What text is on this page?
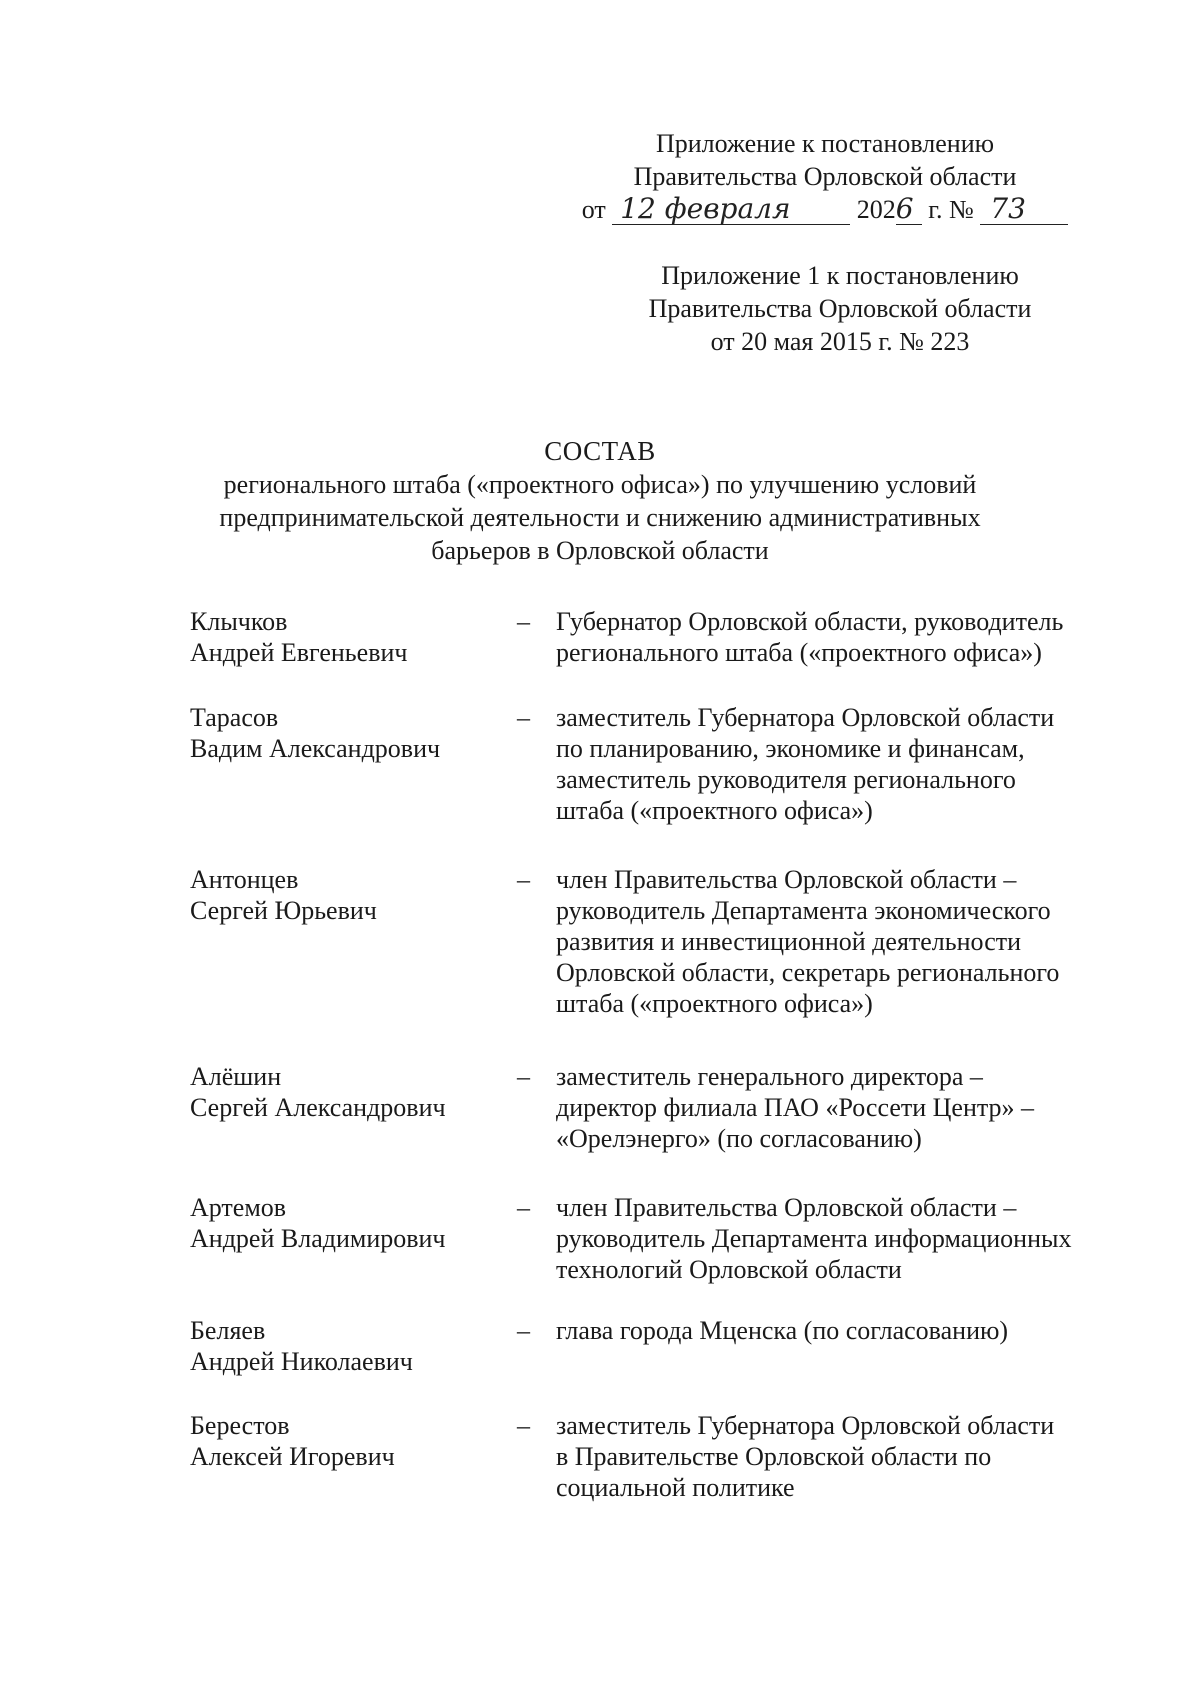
Приложение к постановлению
Правительства Орловской области
от 12 февраля	2026 г. № 73
Приложение 1 к постановлению
Правительства Орловской области
от 20 мая 2015 г. № 223
СОСТАВ
регионального штаба («проектного офиса») по улучшению условий
предпринимательской деятельности и снижению административных
барьеров в Орловской области
Клычков
Андрей Евгеньевич
– Губернатор Орловской области, руководитель
регионального штаба («проектного офиса»)
Тарасов
Вадим Александрович
– заместитель Губернатора Орловской области
по планированию, экономике и финансам,
заместитель руководителя регионального
штаба («проектного офиса»)
Антонцев
Сергей Юрьевич
– член Правительства Орловской области –
руководитель Департамента экономического
развития и инвестиционной деятельности
Орловской области, секретарь регионального
штаба («проектного офиса»)
Алёшин
Сергей Александрович
– заместитель генерального директора –
директор филиала ПАО «Россети Центр» –
«Орелэнерго» (по согласованию)
Артемов
Андрей Владимирович
– член Правительства Орловской области –
руководитель Департамента информационных
технологий Орловской области
Беляев
Андрей Николаевич
– глава города Мценска (по согласованию)
Берестов
Алексей Игоревич
– заместитель Губернатора Орловской области
в Правительстве Орловской области по
социальной политике
